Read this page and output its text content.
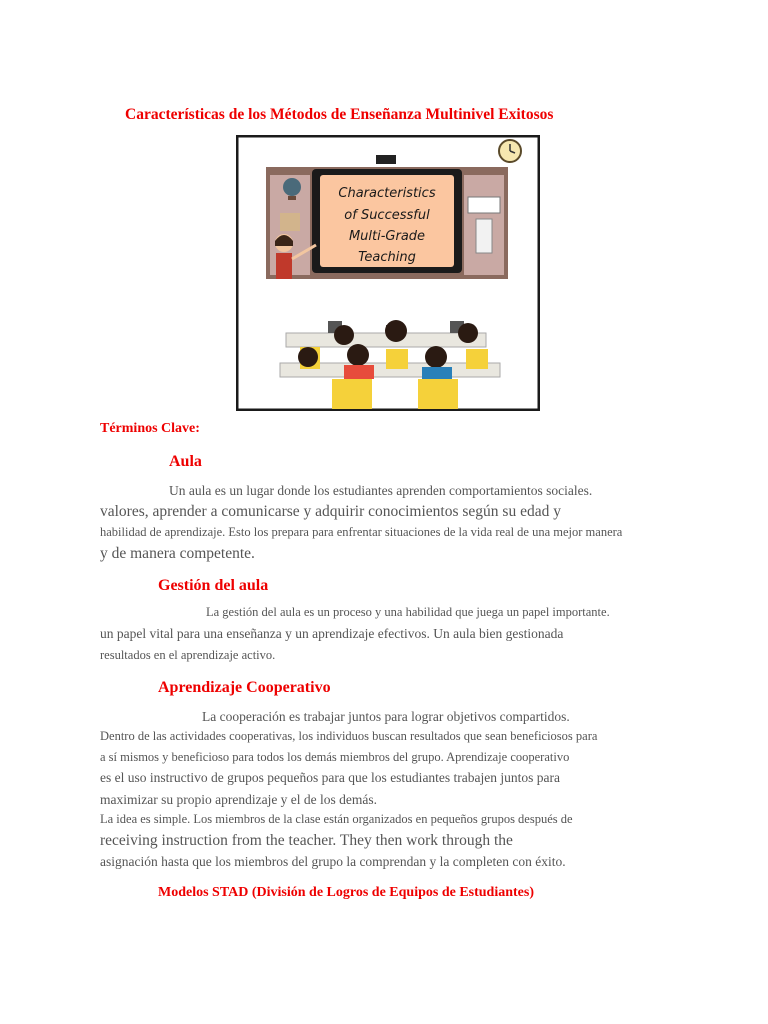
Características de los Métodos de Enseñanza Multinivel Exitosos
Characteristics
of Successful
Multi-Grade
Teaching
Términos Clave:
Aula
Un aula es un lugar donde los estudiantes aprenden comportamientos sociales.
valores, aprender a comunicarse y adquirir conocimientos según su edad y
habilidad de aprendizaje. Esto los prepara para enfrentar situaciones de la vida real de una mejor manera
y de manera competente.
Gestión del aula
La gestión del aula es un proceso y una habilidad que juega un papel importante.
un papel vital para una enseñanza y un aprendizaje efectivos. Un aula bien gestionada
resultados en el aprendizaje activo.
Aprendizaje Cooperativo
La cooperación es trabajar juntos para lograr objetivos compartidos.
Dentro de las actividades cooperativas, los individuos buscan resultados que sean beneficiosos para
a sí mismos y beneficioso para todos los demás miembros del grupo. Aprendizaje cooperativo
es el uso instructivo de grupos pequeños para que los estudiantes trabajen juntos para
maximizar su propio aprendizaje y el de los demás.
La idea es simple. Los miembros de la clase están organizados en pequeños grupos después de
receiving instruction from the teacher. They then work through the
asignación hasta que los miembros del grupo la comprendan y la completen con éxito.
Modelos STAD (División de Logros de Equipos de Estudiantes)
